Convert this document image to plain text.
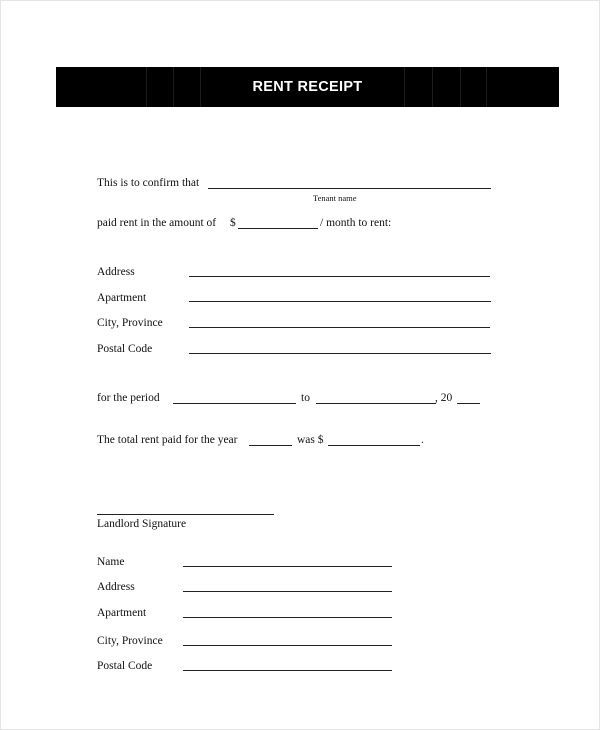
RENT RECEIPT
This is to confirm that
Tenant name
paid rent in the amount of $	/ month to rent:
Address
Apartment
City, Province
Postal Code
for the period	to	, 20
The total rent paid for the year	was $	.
Landlord Signature
Name
Address
Apartment
City, Province
Postal Code
